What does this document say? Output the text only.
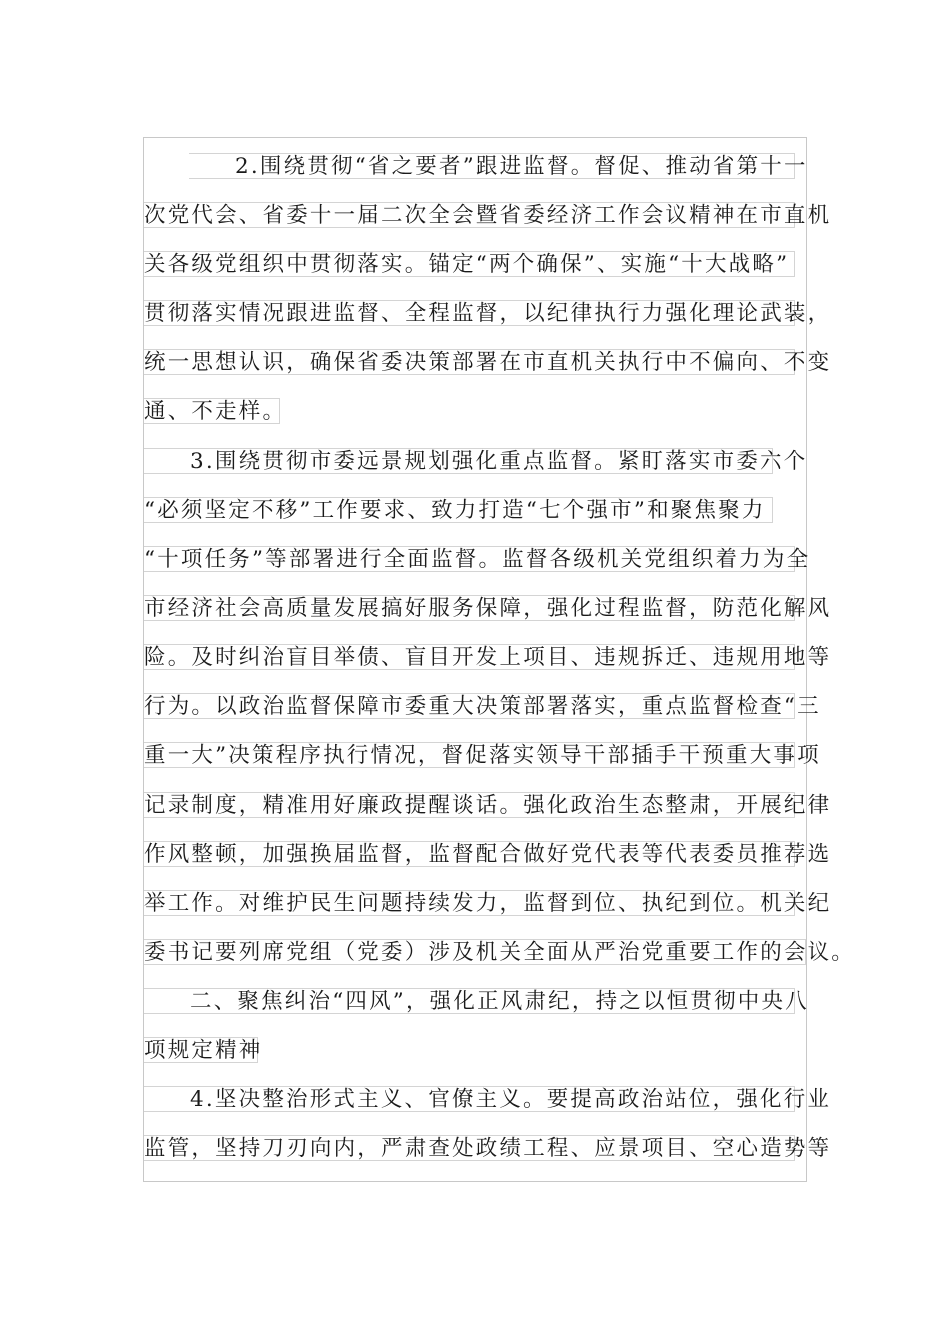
2.围绕贯彻“省之要者”跟进监督。督促、推动省第十一
次党代会、省委十一届二次全会暨省委经济工作会议精神在市直机
关各级党组织中贯彻落实。锚定“两个确保”、实施“十大战略”
贯彻落实情况跟进监督、全程监督，以纪律执行力强化理论武装，
统一思想认识，确保省委决策部署在市直机关执行中不偏向、不变
通、不走样。
3.围绕贯彻市委远景规划强化重点监督。紧盯落实市委六个
“必须坚定不移”工作要求、致力打造“七个强市”和聚焦聚力
“十项任务”等部署进行全面监督。监督各级机关党组织着力为全
市经济社会高质量发展搞好服务保障，强化过程监督，防范化解风
险。及时纠治盲目举债、盲目开发上项目、违规拆迁、违规用地等
行为。以政治监督保障市委重大决策部署落实，重点监督检查“三
重一大”决策程序执行情况，督促落实领导干部插手干预重大事项
记录制度，精准用好廉政提醒谈话。强化政治生态整肃，开展纪律
作风整顿，加强换届监督，监督配合做好党代表等代表委员推荐选
举工作。对维护民生问题持续发力，监督到位、执纪到位。机关纪
委书记要列席党组（党委）涉及机关全面从严治党重要工作的会议。
二、聚焦纠治“四风”，强化正风肃纪，持之以恒贯彻中央八
项规定精神
4.坚决整治形式主义、官僚主义。要提高政治站位，强化行业
监管，坚持刀刃向内，严肃查处政绩工程、应景项目、空心造势等
